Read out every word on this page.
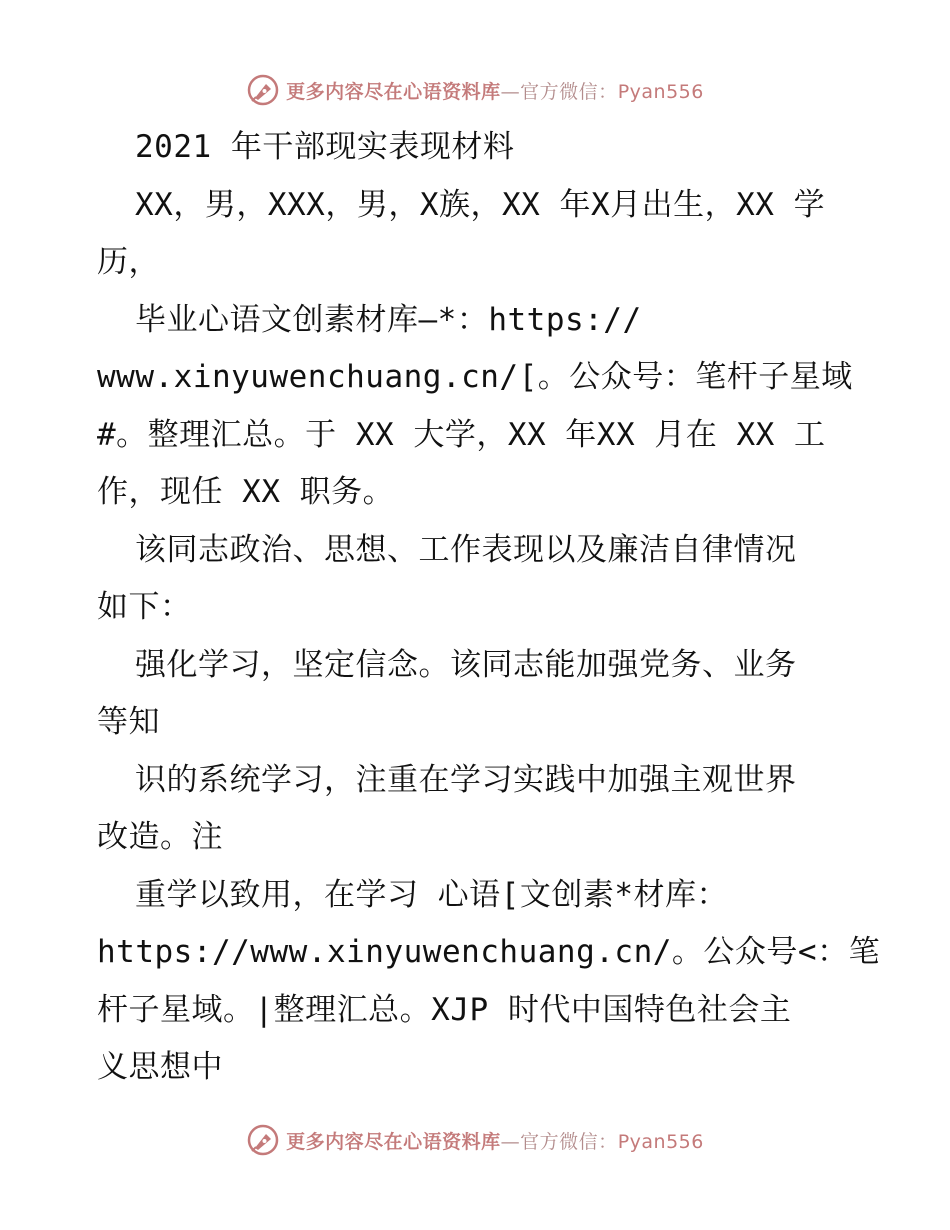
更多内容尽在心语资料库—官方微信：Pyan556
2021 年干部现实表现材料
XX，男，XXX，男，X族，XX 年X月出生，XX 学
历，
毕业心语文创素材库—*：https://
www.xinyuwenchuang.cn/[。公众号：笔杆子星域
#。整理汇总。于 XX 大学，XX 年XX 月在 XX 工
作，现任 XX 职务。
该同志政治、思想、工作表现以及廉洁自律情况
如下：
强化学习，坚定信念。该同志能加强党务、业务
等知
识的系统学习，注重在学习实践中加强主观世界
改造。注
重学以致用，在学习 心语[文创素*材库：
https://www.xinyuwenchuang.cn/。公众号<：笔
杆子星域。|整理汇总。XJP 时代中国特色社会主
义思想中
更多内容尽在心语资料库—官方微信：Pyan556
